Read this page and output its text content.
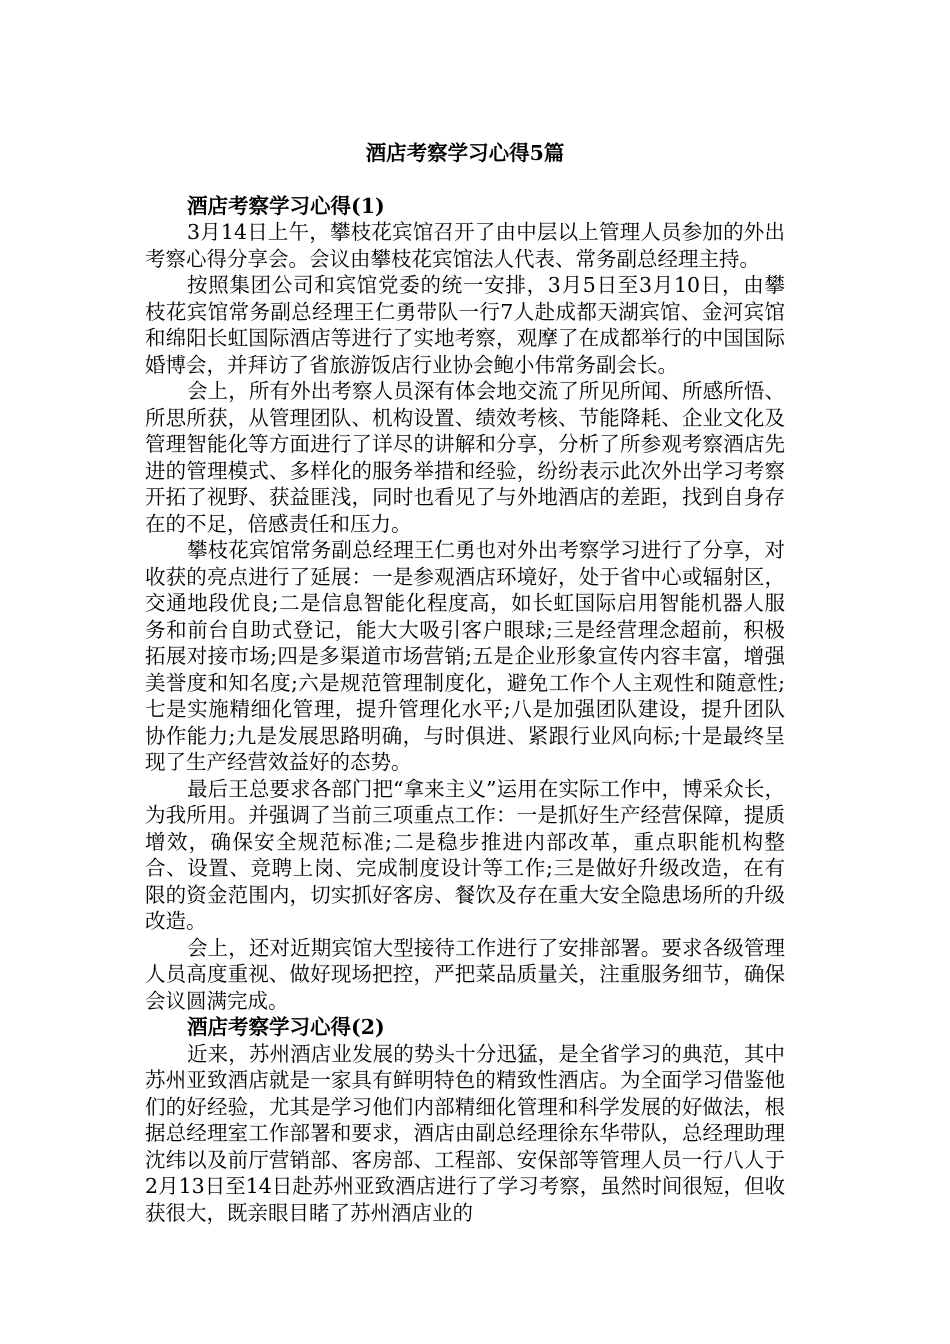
酒店考察学习心得5篇

酒店考察学习心得(1)

3月14日上午，攀枝花宾馆召开了由中层以上管理人员参加的外出考察心得分享会。会议由攀枝花宾馆法人代表、常务副总经理主持。

按照集团公司和宾馆党委的统一安排，3月5日至3月10日，由攀枝花宾馆常务副总经理王仁勇带队一行7人赴成都天湖宾馆、金河宾馆和绵阳长虹国际酒店等进行了实地考察，观摩了在成都举行的中国国际婚博会，并拜访了省旅游饭店行业协会鲍小伟常务副会长。

会上，所有外出考察人员深有体会地交流了所见所闻、所感所悟、所思所获，从管理团队、机构设置、绩效考核、节能降耗、企业文化及管理智能化等方面进行了详尽的讲解和分享，分析了所参观考察酒店先进的管理模式、多样化的服务举措和经验，纷纷表示此次外出学习考察开拓了视野、获益匪浅，同时也看见了与外地酒店的差距，找到自身存在的不足，倍感责任和压力。

攀枝花宾馆常务副总经理王仁勇也对外出考察学习进行了分享，对收获的亮点进行了延展：一是参观酒店环境好，处于省中心或辐射区，交通地段优良;二是信息智能化程度高，如长虹国际启用智能机器人服务和前台自助式登记，能大大吸引客户眼球;三是经营理念超前，积极拓展对接市场;四是多渠道市场营销;五是企业形象宣传内容丰富，增强美誉度和知名度;六是规范管理制度化，避免工作个人主观性和随意性;七是实施精细化管理，提升管理化水平;八是加强团队建设，提升团队协作能力;九是发展思路明确，与时俱进、紧跟行业风向标;十是最终呈现了生产经营效益好的态势。

最后王总要求各部门把“拿来主义”运用在实际工作中，博采众长，为我所用。并强调了当前三项重点工作：一是抓好生产经营保障，提质增效，确保安全规范标准;二是稳步推进内部改革，重点职能机构整合、设置、竞聘上岗、完成制度设计等工作;三是做好升级改造，在有限的资金范围内，切实抓好客房、餐饮及存在重大安全隐患场所的升级改造。

会上，还对近期宾馆大型接待工作进行了安排部署。要求各级管理人员高度重视、做好现场把控，严把菜品质量关，注重服务细节，确保会议圆满完成。

酒店考察学习心得(2)

近来，苏州酒店业发展的势头十分迅猛，是全省学习的典范，其中苏州亚致酒店就是一家具有鲜明特色的精致性酒店。为全面学习借鉴他们的好经验，尤其是学习他们内部精细化管理和科学发展的好做法，根据总经理室工作部署和要求，酒店由副总经理徐东华带队，总经理助理沈纬以及前厅营销部、客房部、工程部、安保部等管理人员一行八人于2月13日至14日赴苏州亚致酒店进行了学习考察，虽然时间很短，但收获很大，既亲眼目睹了苏州酒店业的
